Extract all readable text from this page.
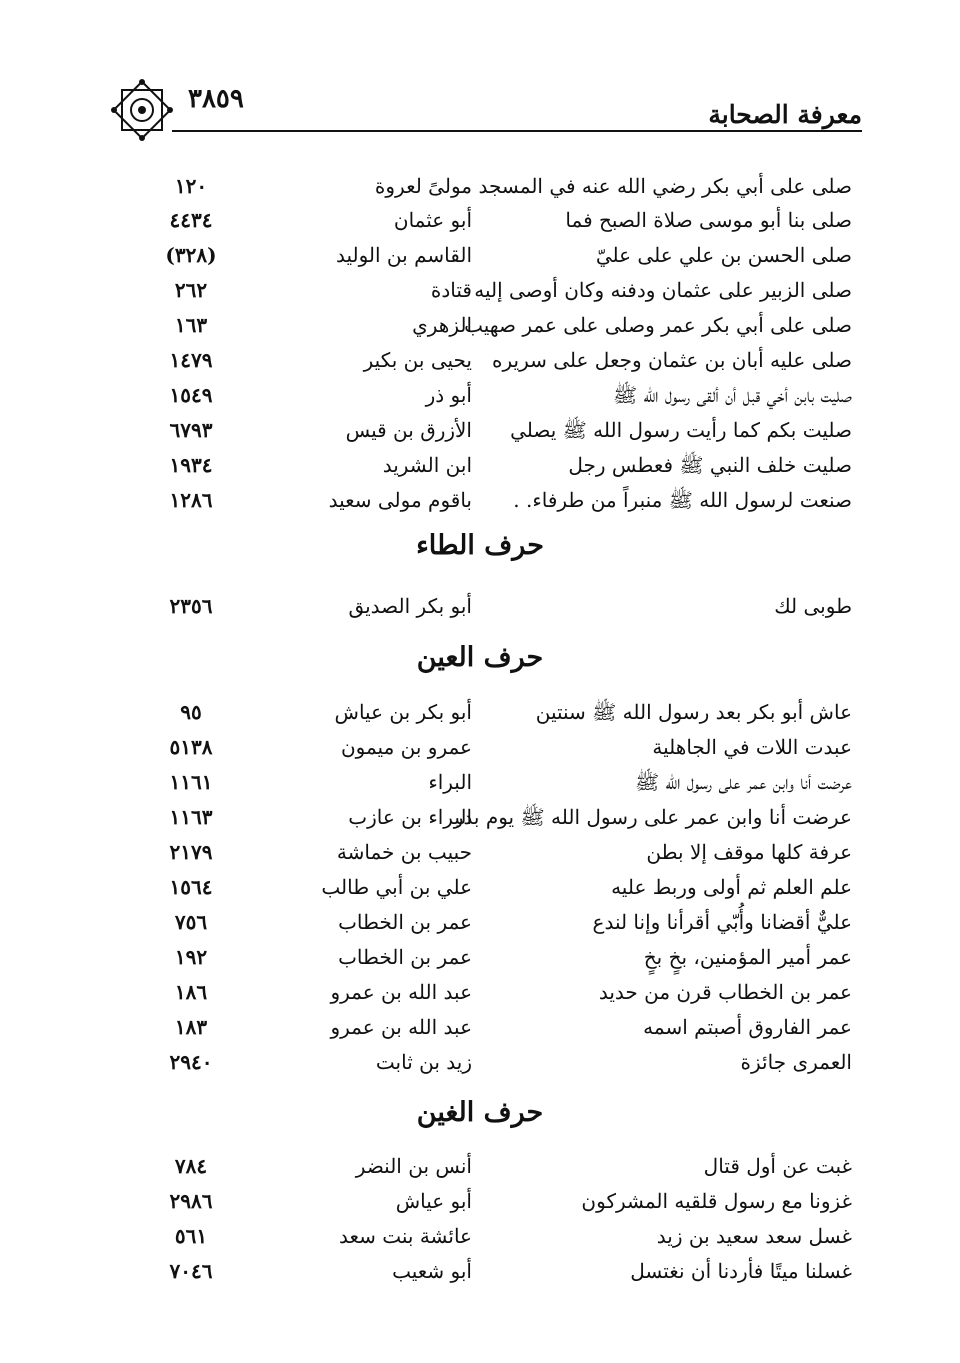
٣٨٥٩
معرفة الصحابة
صلى على أبي بكر رضي الله عنه في المسجد
مولىً لعروة
١٢٠
صلى بنا أبو موسى صلاة الصبح فما
أبو عثمان
٤٤٣٤
صلى الحسن بن علي على عليّ
القاسم بن الوليد
(٣٢٨)
صلى الزبير على عثمان ودفنه وكان أوصى إليه
قتادة
٢٦٢
صلى على أبي بكر عمر وصلى على عمر صهيب
الزهري
١٦٣
صلى عليه أبان بن عثمان وجعل على سريره
يحيى بن بكير
١٤٧٩
صليت بابن أخي قبل أن ألقى رسول الله ﷺ
أبو ذر
١٥٤٩
صليت بكم كما رأيت رسول الله ﷺ يصلي
الأزرق بن قيس
٦٧٩٣
صليت خلف النبي ﷺ فعطس رجل
ابن الشريد
١٩٣٤
صنعت لرسول الله ﷺ منبراً من طرفاء. .
باقوم مولى سعيد
١٢٨٦
حرف الطاء
طوبى لك
أبو بكر الصديق
٢٣٥٦
حرف العين
عاش أبو بكر بعد رسول الله ﷺ سنتين
أبو بكر بن عياش
٩٥
عبدت اللات في الجاهلية
عمرو بن ميمون
٥١٣٨
عرضت أنا وابن عمر على رسول الله ﷺ
البراء
١١٦١
عرضت أنا وابن عمر على رسول الله ﷺ يوم بدر
البراء بن عازب
١١٦٣
عرفة كلها موقف إلا بطن
حبيب بن خماشة
٢١٧٩
علم العلم ثم أولى وربط عليه
علي بن أبي طالب
١٥٦٤
عليٌّ أقضانا وأُبّي أقرأنا وإنا لندع
عمر بن الخطاب
٧٥٦
عمر أمير المؤمنين، بخٍ بخٍ
عمر بن الخطاب
١٩٢
عمر بن الخطاب قرن من حديد
عبد الله بن عمرو
١٨٦
عمر الفاروق أصبتم اسمه
عبد الله بن عمرو
١٨٣
العمرى جائزة
زيد بن ثابت
٢٩٤٠
حرف الغين
غبت عن أول قتال
أنس بن النضر
٧٨٤
غزونا مع رسول قلقيه المشركون
أبو عياش
٢٩٨٦
غسل سعد سعيد بن زيد
عائشة بنت سعد
٥٦١
غسلنا ميتًا فأردنا أن نغتسل
أبو شعيب
٧٠٤٦
